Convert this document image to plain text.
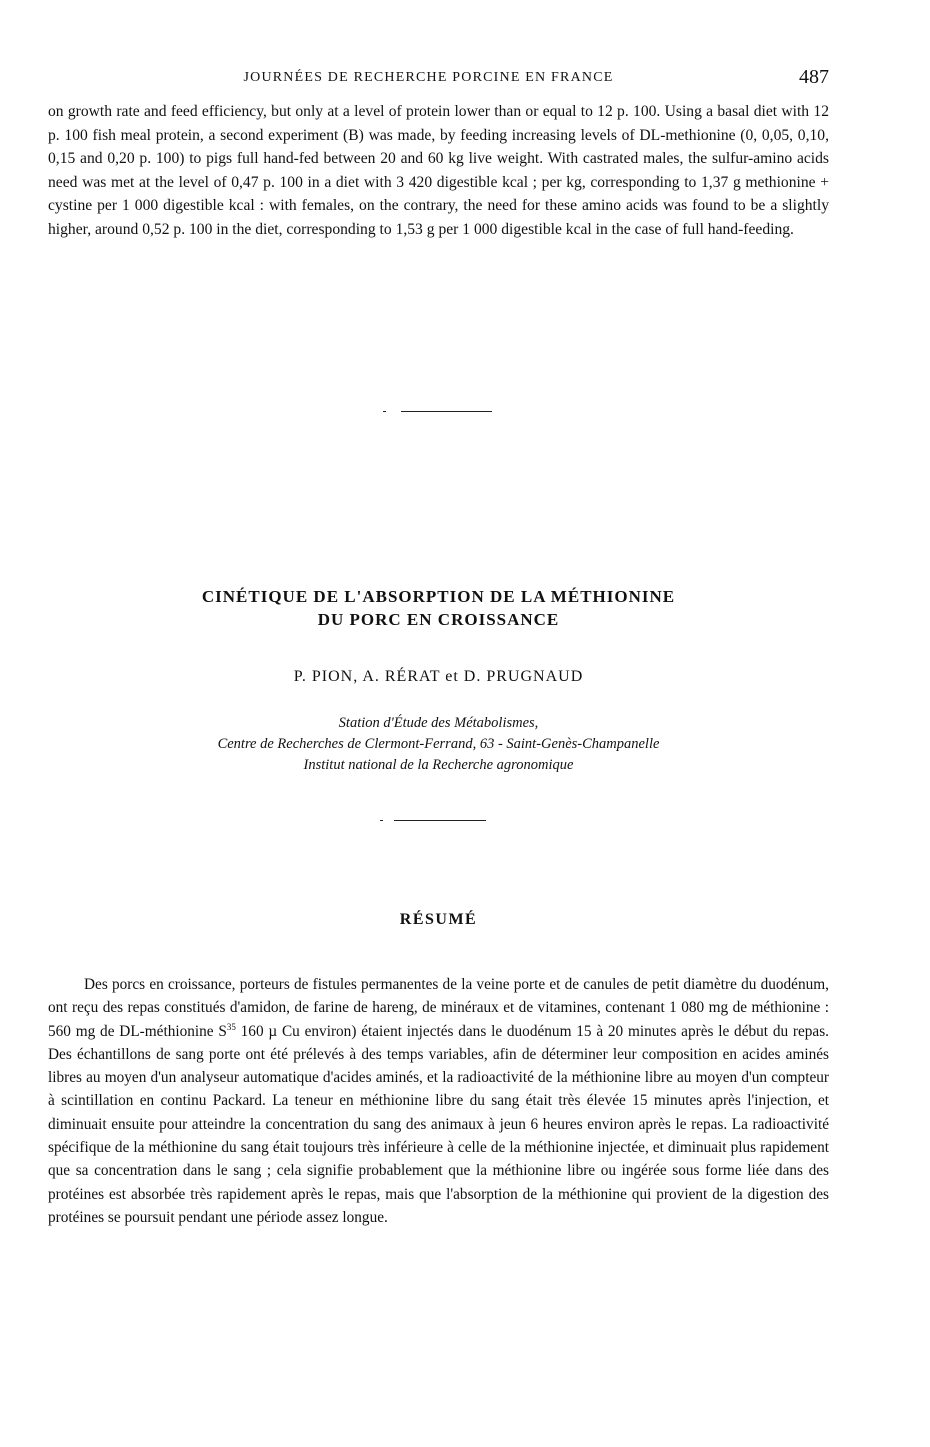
JOURNÉES DE RECHERCHE PORCINE EN FRANCE	487

on growth rate and feed efficiency, but only at a level of protein lower than or equal to 12 p. 100. Using a basal diet with 12 p. 100 fish meal protein, a second experiment (B) was made, by feeding increasing levels of DL-methionine (0, 0,05, 0,10, 0,15 and 0,20 p. 100) to pigs full hand-fed between 20 and 60 kg live weight. With castrated males, the sulfur-amino acids need was met at the level of 0,47 p. 100 in a diet with 3 420 digestible kcal ; per kg, corresponding to 1,37 g methionine + cystine per 1 000 digestible kcal : with females, on the contrary, the need for these amino acids was found to be a slightly higher, around 0,52 p. 100 in the diet, corresponding to 1,53 g per 1 000 digestible kcal in the case of full hand-feeding.

CINÉTIQUE DE L'ABSORPTION DE LA MÉTHIONINE
DU PORC EN CROISSANCE
P. PION, A. RÉRAT et D. PRUGNAUD
Station d'Étude des Métabolismes,
Centre de Recherches de Clermont-Ferrand, 63 - Saint-Genès-Champanelle
Institut national de la Recherche agronomique
RÉSUMÉ

Des porcs en croissance, porteurs de fistules permanentes de la veine porte et de canules de petit diamètre du duodénum, ont reçu des repas constitués d'amidon, de farine de hareng, de minéraux et de vitamines, contenant 1 080 mg de méthionine : 560 mg de DL-méthionine $S^{35}$ 160 µ Cu environ) étaient injectés dans le duodénum 15 à 20 minutes après le début du repas. Des échantillons de sang porte ont été prélevés à des temps variables, afin de déterminer leur composition en acides aminés libres au moyen d'un analyseur automatique d'acides aminés, et la radioactivité de la méthionine libre au moyen d'un compteur à scintillation en continu Packard. La teneur en méthionine libre du sang était très élevée 15 minutes après l'injection, et diminuait ensuite pour atteindre la concentration du sang des animaux à jeun 6 heures environ après le repas. La radioactivité spécifique de la méthionine du sang était toujours très inférieure à celle de la méthionine injectée, et diminuait plus rapidement que sa concentration dans le sang ; cela signifie probablement que la méthionine libre ou ingérée sous forme liée dans des protéines est absorbée très rapidement après le repas, mais que l'absorption de la méthionine qui provient de la digestion des protéines se poursuit pendant une période assez longue.
